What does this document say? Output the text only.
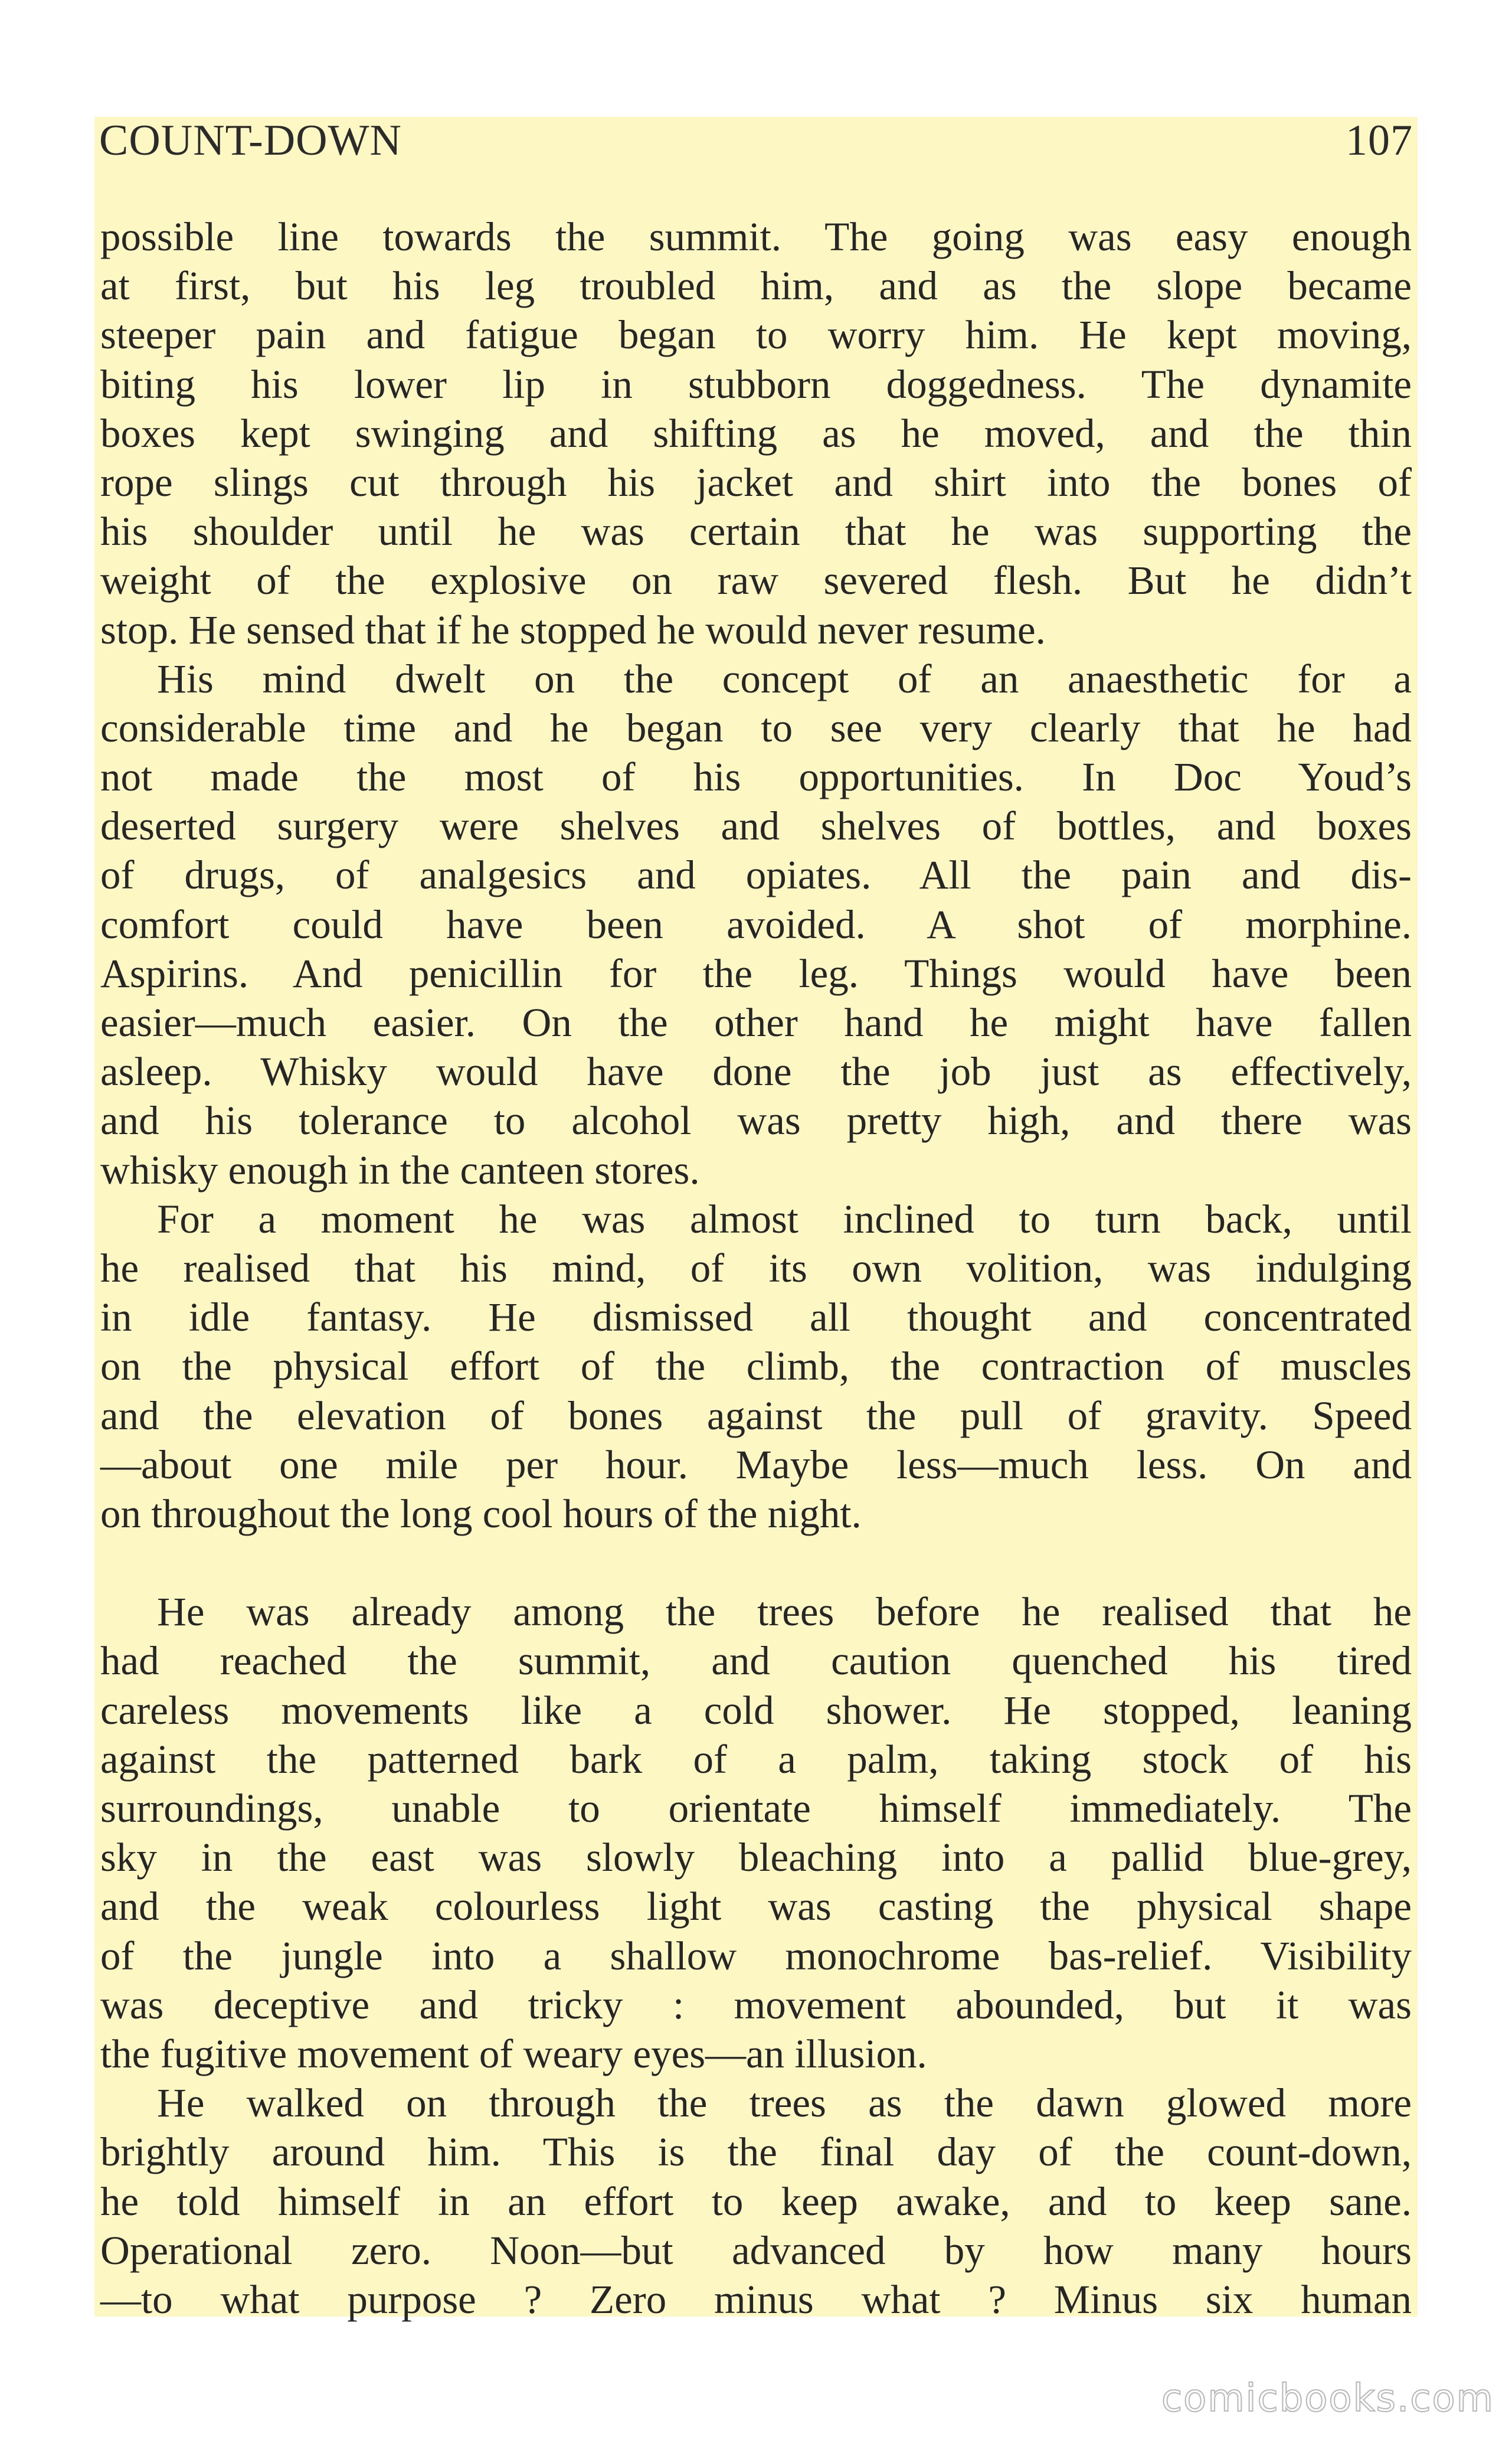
COUNT-DOWN	107
possible line towards the summit. The going was easy enough
at first, but his leg troubled him, and as the slope became
steeper pain and fatigue began to worry him. He kept moving,
biting his lower lip in stubborn doggedness. The dynamite
boxes kept swinging and shifting as he moved, and the thin
rope slings cut through his jacket and shirt into the bones of
his shoulder until he was certain that he was supporting the
weight of the explosive on raw severed flesh. But he didn’t
stop. He sensed that if he stopped he would never resume.
His mind dwelt on the concept of an anaesthetic for a
considerable time and he began to see very clearly that he had
not made the most of his opportunities. In Doc Youd’s
deserted surgery were shelves and shelves of bottles, and boxes
of drugs, of analgesics and opiates. All the pain and dis-
comfort could have been avoided. A shot of morphine.
Aspirins. And penicillin for the leg. Things would have been
easier—much easier. On the other hand he might have fallen
asleep. Whisky would have done the job just as effectively,
and his tolerance to alcohol was pretty high, and there was
whisky enough in the canteen stores.
For a moment he was almost inclined to turn back, until
he realised that his mind, of its own volition, was indulging
in idle fantasy. He dismissed all thought and concentrated
on the physical effort of the climb, the contraction of muscles
and the elevation of bones against the pull of gravity. Speed
—about one mile per hour. Maybe less—much less. On and
on throughout the long cool hours of the night.
He was already among the trees before he realised that he
had reached the summit, and caution quenched his tired
careless movements like a cold shower. He stopped, leaning
against the patterned bark of a palm, taking stock of his
surroundings, unable to orientate himself immediately. The
sky in the east was slowly bleaching into a pallid blue-grey,
and the weak colourless light was casting the physical shape
of the jungle into a shallow monochrome bas-relief. Visibility
was deceptive and tricky : movement abounded, but it was
the fugitive movement of weary eyes—an illusion.
He walked on through the trees as the dawn glowed more
brightly around him. This is the final day of the count-down,
he told himself in an effort to keep awake, and to keep sane.
Operational zero. Noon—but advanced by how many hours
—to what purpose ? Zero minus what ? Minus six human
comicbooks.com
